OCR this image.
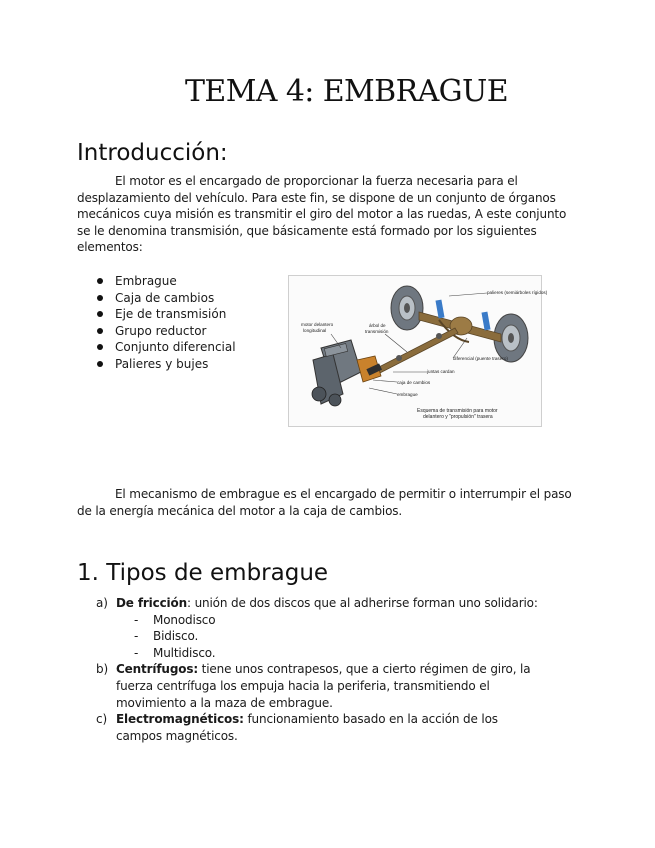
TEMA 4: EMBRAGUE
Introducción:
El motor es el encargado de proporcionar la fuerza necesaria para el
desplazamiento del vehículo. Para este fin, se dispone de un conjunto de órganos
mecánicos cuya misión es transmitir el giro del motor a las ruedas, A este conjunto
se le denomina transmisión, que básicamente está formado por los siguientes
elementos:
Embrague
Caja de cambios
Eje de transmisión
Grupo reductor
Conjunto diferencial
Palieres y bujes
palieres (semiárboles rígidos)
motor delantero
longitudinal
árbol de
transmisión
diferencial (puente trasero)
juntas cardan
caja de cambios
embrague
Esquema de transmisión para motor
delantero y "propulsión" trasera
El mecanismo de embrague es el encargado de permitir o interrumpir el paso
de la energía mecánica del motor a la caja de cambios.
1. Tipos de embrague
a) De fricción: unión de dos discos que al adherirse forman uno solidario:
- Monodisco
- Bidisco.
- Multidisco.
b) Centrífugos: tiene unos contrapesos, que a cierto régimen de giro, la
fuerza centrífuga los empuja hacia la periferia, transmitiendo el
movimiento a la maza de embrague.
c) Electromagnéticos: funcionamiento basado en la acción de los
campos magnéticos.
